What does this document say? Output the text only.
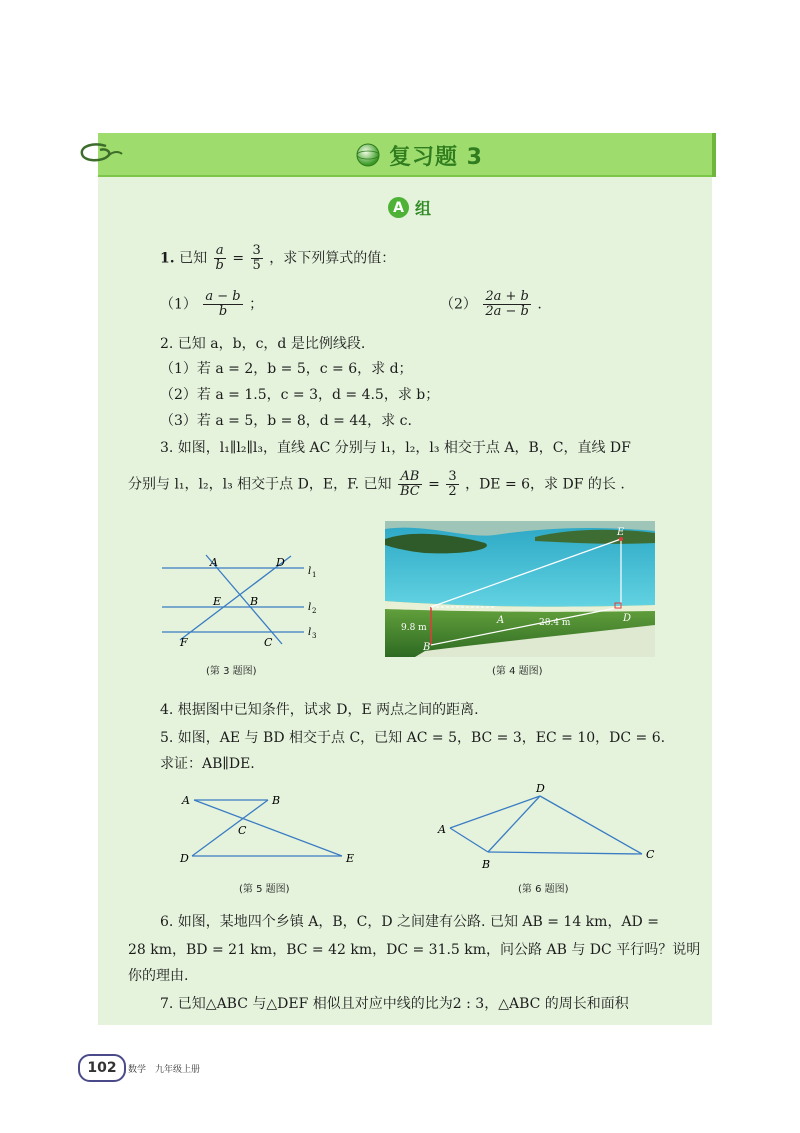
复习题 3
A 组
1. 已知 $\frac{a}{b} = \frac{3}{5}$ ，求下列算式的值：
$(1) \frac{a - b}{b}$ ；	$(2) \frac{2a + b}{2a - b}$ .
2. 已知 a，b，c，d 是比例线段.
（1）若 a = 2，b = 5，c = 6，求 d；
（2）若 a = 1.5，c = 3，d = 4.5，求 b；
（3）若 a = 5，b = 8，d = 44，求 c.
3. 如图，l₁∥l₂∥l₃，直线 AC 分别与 l₁，l₂，l₃ 相交于点 A，B，C，直线 DF
分别与 l₁，l₂，l₃ 相交于点 D，E，F. 已知 $\frac{AB}{BC} = \frac{3}{2}$ ，DE = 6，求 DF 的长 .
A	D
E	B
F	C
l 1
l 2
l 3
(第 3 题图)
E
A
B
D
9.8 m	28.4 m
(第 4 题图)
4. 根据图中已知条件，试求 D，E 两点之间的距离.
5. 如图，AE 与 BD 相交于点 C，已知 AC = 5，BC = 3，EC = 10，DC = 6.
求证：AB∥DE.
A	B
C
D	E
(第 5 题图)
A
B
C
D
(第 6 题图)
6. 如图，某地四个乡镇 A，B，C，D 之间建有公路. 已知 AB = 14 km，AD =
28 km，BD = 21 km，BC = 42 km，DC = 31.5 km，问公路 AB 与 DC 平行吗？说明
你的理由.
7. 已知△ABC 与△DEF 相似且对应中线的比为2 : 3，△ABC 的周长和面积
102	数学　九年级上册
